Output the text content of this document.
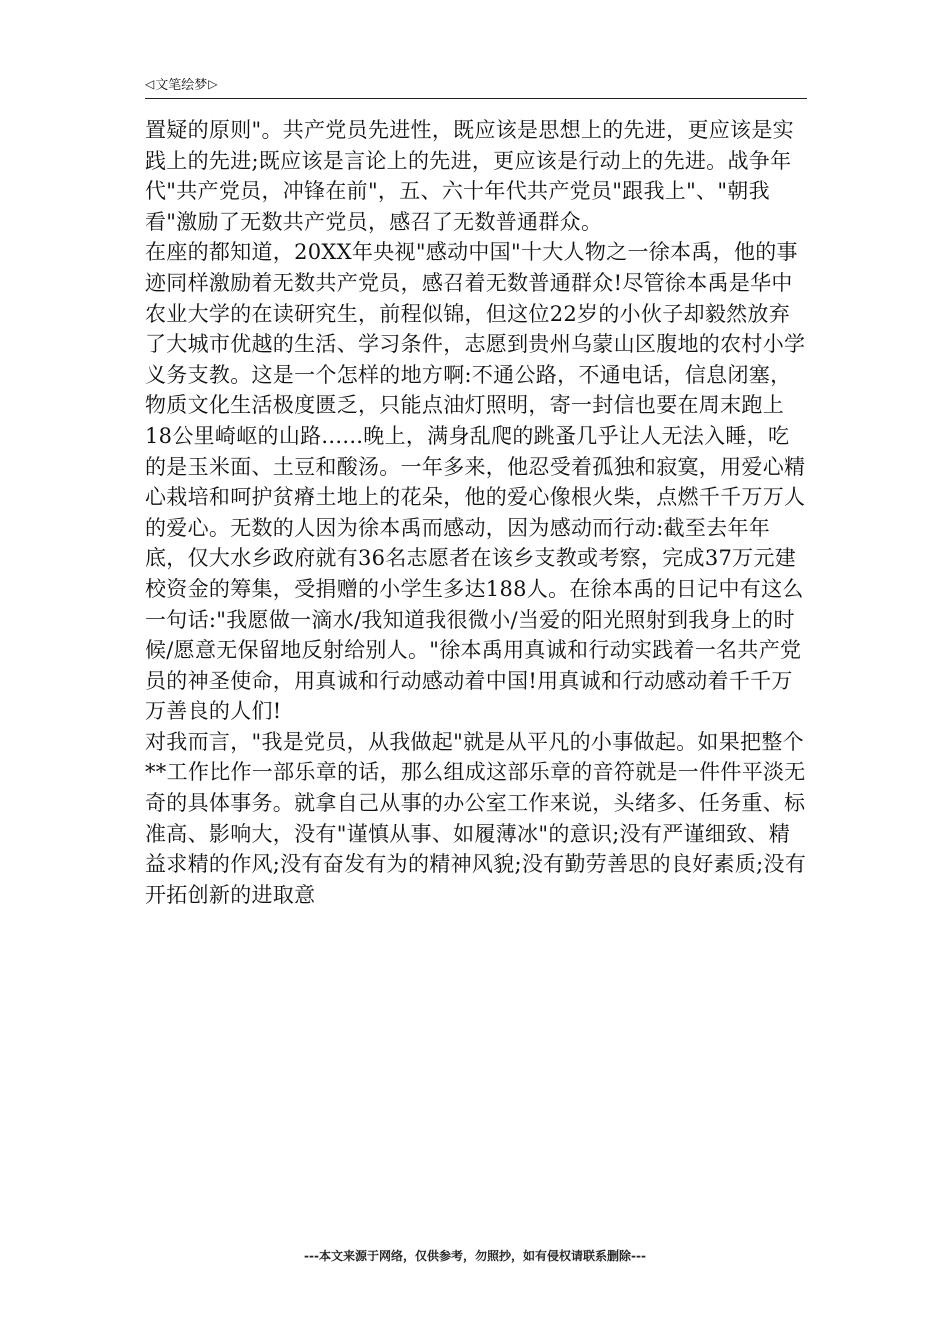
◁ 文笔绘梦 ▷

置疑的原则"。共产党员先进性，既应该是思想上的先进，更应该是实践上的先进;既应该是言论上的先进，更应该是行动上的先进。战争年代"共产党员，冲锋在前"，五、六十年代共产党员"跟我上"、"朝我看"激励了无数共产党员，感召了无数普通群众。

在座的都知道，20XX年央视"感动中国"十大人物之一徐本禹，他的事迹同样激励着无数共产党员，感召着无数普通群众!尽管徐本禹是华中农业大学的在读研究生，前程似锦，但这位22岁的小伙子却毅然放弃了大城市优越的生活、学习条件，志愿到贵州乌蒙山区腹地的农村小学义务支教。这是一个怎样的地方啊:不通公路，不通电话，信息闭塞，物质文化生活极度匮乏，只能点油灯照明，寄一封信也要在周末跑上18公里崎岖的山路......晚上，满身乱爬的跳蚤几乎让人无法入睡，吃的是玉米面、土豆和酸汤。一年多来，他忍受着孤独和寂寞，用爱心精心栽培和呵护贫瘠土地上的花朵，他的爱心像根火柴，点燃千千万万人的爱心。无数的人因为徐本禹而感动，因为感动而行动:截至去年年底，仅大水乡政府就有36名志愿者在该乡支教或考察，完成37万元建校资金的筹集，受捐赠的小学生多达188人。在徐本禹的日记中有这么一句话:"我愿做一滴水/我知道我很微小/当爱的阳光照射到我身上的时候/愿意无保留地反射给别人。"徐本禹用真诚和行动实践着一名共产党员的神圣使命，用真诚和行动感动着中国!用真诚和行动感动着千千万万善良的人们!

对我而言，"我是党员，从我做起"就是从平凡的小事做起。如果把整个**工作比作一部乐章的话，那么组成这部乐章的音符就是一件件平淡无奇的具体事务。就拿自己从事的办公室工作来说，头绪多、任务重、标准高、影响大，没有"谨慎从事、如履薄冰"的意识;没有严谨细致、精益求精的作风;没有奋发有为的精神风貌;没有勤劳善思的良好素质;没有开拓创新的进取意

---本文来源于网络，仅供参考，勿照抄，如有侵权请联系删除---
